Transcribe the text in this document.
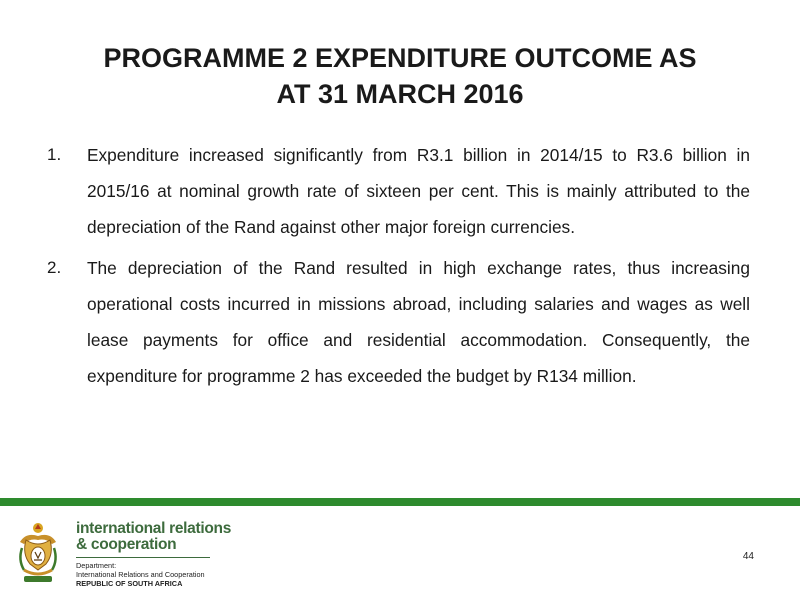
PROGRAMME 2 EXPENDITURE OUTCOME AS
AT 31 MARCH 2016
1. Expenditure increased significantly from R3.1 billion in 2014/15 to R3.6 billion in 2015/16 at nominal growth rate of sixteen per cent. This is mainly attributed to the depreciation of the Rand against other major foreign currencies.

2. The depreciation of the Rand resulted in high exchange rates, thus increasing operational costs incurred in missions abroad, including salaries and wages as well lease payments for office and residential accommodation. Consequently, the expenditure for programme 2 has exceeded the budget by R134 million.

international relations
& cooperation
Department:
International Relations and Cooperation
REPUBLIC OF SOUTH AFRICA
44
